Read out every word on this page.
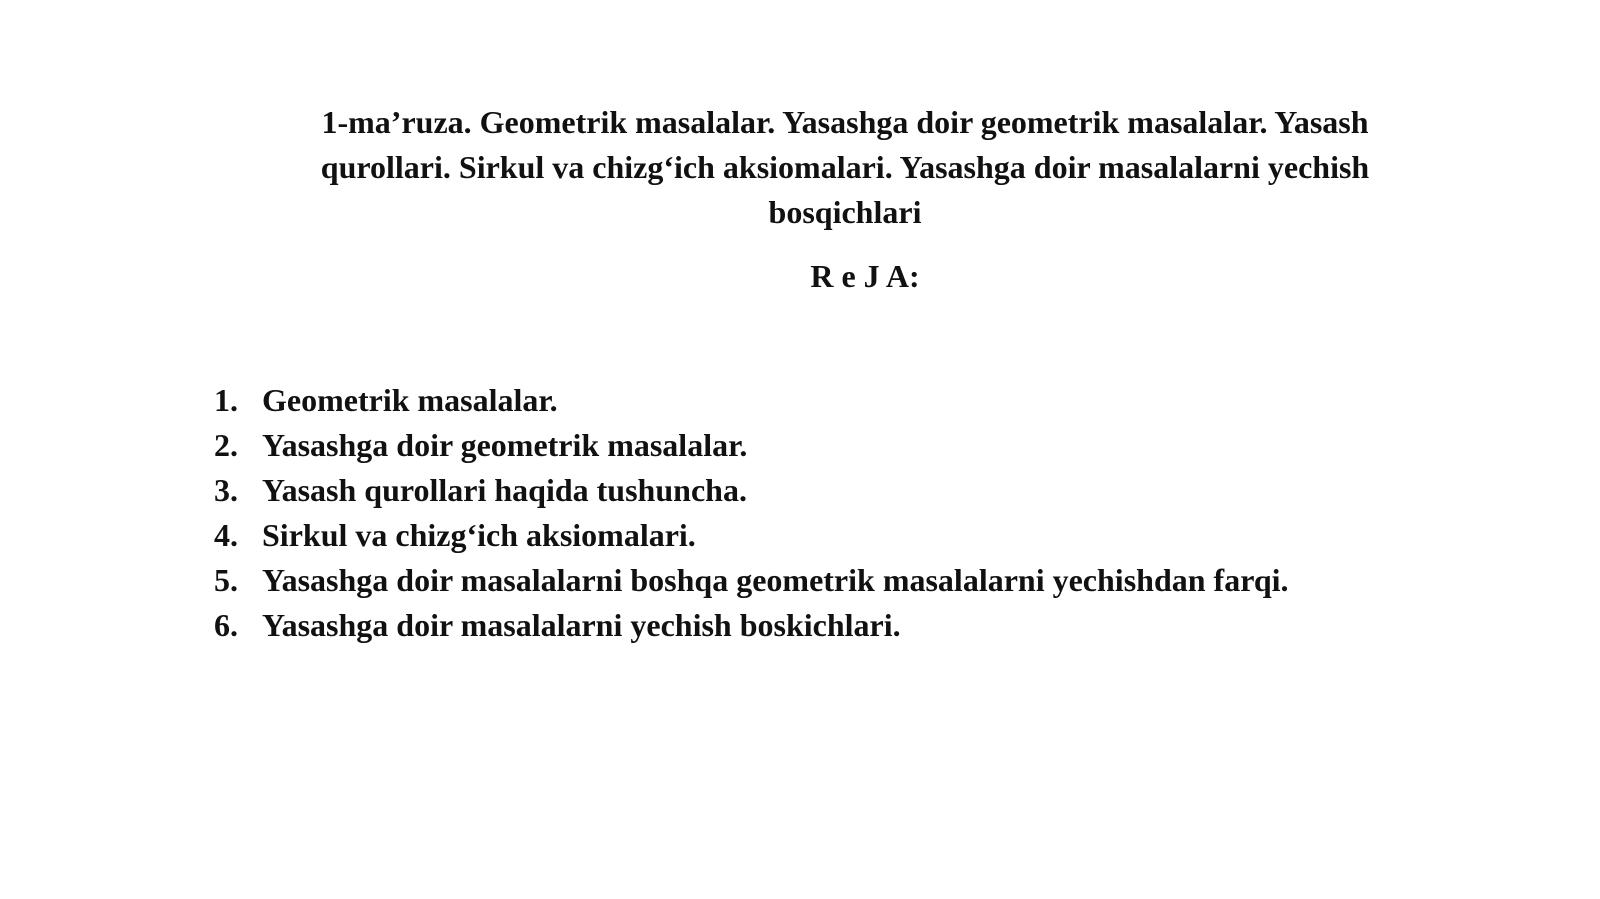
1-ma’ruza. Geometrik masalalar. Yasashga doir geometrik masalalar. Yasash qurollari. Sirkul va chizg‘ich aksiomalari. Yasashga doir masalalarni yechish bosqichlari
R e J A:
1. Geometrik masalalar.
2. Yasashga doir geometrik masalalar.
3. Yasash qurollari haqida tushuncha.
4. Sirkul va chizg‘ich aksiomalari.
5. Yasashga doir masalalarni boshqa geometrik masalalarni yechishdan farqi.
6. Yasashga doir masalalarni yechish boskichlari.
